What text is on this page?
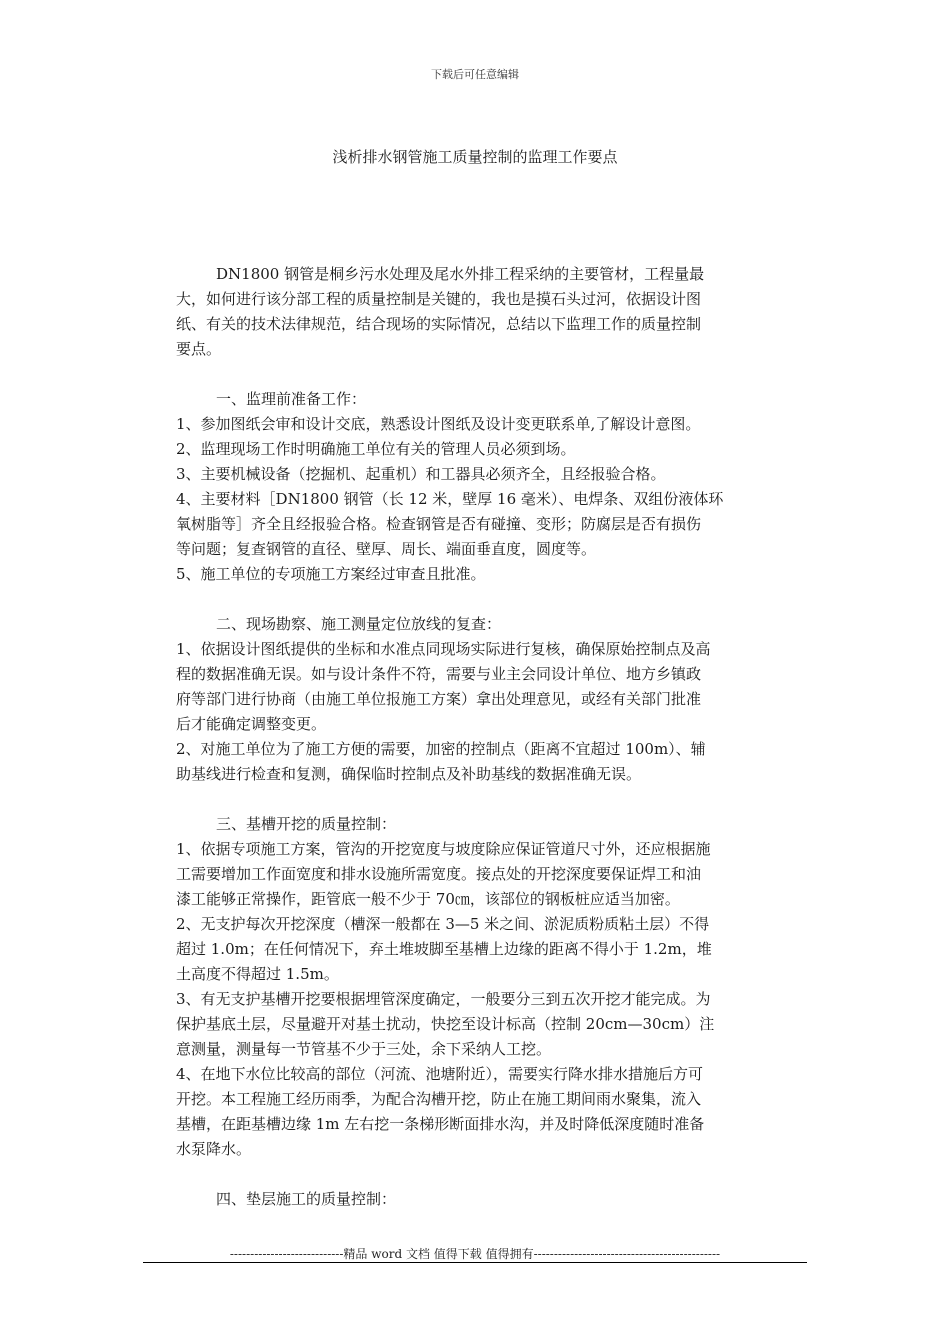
下载后可任意编辑
浅析排水钢管施工质量控制的监理工作要点

DN1800 钢管是桐乡污水处理及尾水外排工程采纳的主要管材，工程量最

大，如何进行该分部工程的质量控制是关键的，我也是摸石头过河，依据设计图

纸、有关的技术法律规范，结合现场的实际情况，总结以下监理工作的质量控制

要点。

一、监理前准备工作：

1、参加图纸会审和设计交底，熟悉设计图纸及设计变更联系单,了解设计意图。

2、监理现场工作时明确施工单位有关的管理人员必须到场。

3、主要机械设备（挖掘机、起重机）和工器具必须齐全，且经报验合格。

4、主要材料［DN1800 钢管（长 12 米，壁厚 16 毫米）、电焊条、双组份液体环

氧树脂等］齐全且经报验合格。检查钢管是否有碰撞、变形；防腐层是否有损伤

等问题；复查钢管的直径、壁厚、周长、端面垂直度，圆度等。

5、施工单位的专项施工方案经过审查且批准。

二、现场勘察、施工测量定位放线的复查：

1、依据设计图纸提供的坐标和水准点同现场实际进行复核，确保原始控制点及高

程的数据准确无误。如与设计条件不符，需要与业主会同设计单位、地方乡镇政

府等部门进行协商（由施工单位报施工方案）拿出处理意见，或经有关部门批准

后才能确定调整变更。

2、对施工单位为了施工方便的需要，加密的控制点（距离不宜超过 100m）、辅

助基线进行检查和复测，确保临时控制点及补助基线的数据准确无误。

三、基槽开挖的质量控制：

1、依据专项施工方案，管沟的开挖宽度与坡度除应保证管道尺寸外，还应根据施

工需要增加工作面宽度和排水设施所需宽度。接点处的开挖深度要保证焊工和油

漆工能够正常操作，距管底一般不少于 70㎝，该部位的钢板桩应适当加密。

2、无支护每次开挖深度（槽深一般都在 3—5 米之间、淤泥质粉质粘土层）不得

超过 1.0m；在任何情况下，弃土堆坡脚至基槽上边缘的距离不得小于 1.2m，堆

土高度不得超过 1.5m。

3、有无支护基槽开挖要根据埋管深度确定，一般要分三到五次开挖才能完成。为

保护基底土层，尽量避开对基土扰动，快挖至设计标高（控制 20cm—30cm）注

意测量，测量每一节管基不少于三处，余下采纳人工挖。

4、在地下水位比较高的部位（河流、池塘附近），需要实行降水排水措施后方可

开挖。本工程施工经历雨季，为配合沟槽开挖，防止在施工期间雨水聚集，流入

基槽，在距基槽边缘 1m 左右挖一条梯形断面排水沟，并及时降低深度随时准备

水泵降水。

四、垫层施工的质量控制：

----------------------------精品 word 文档 值得下载 值得拥有----------------------------------------------
